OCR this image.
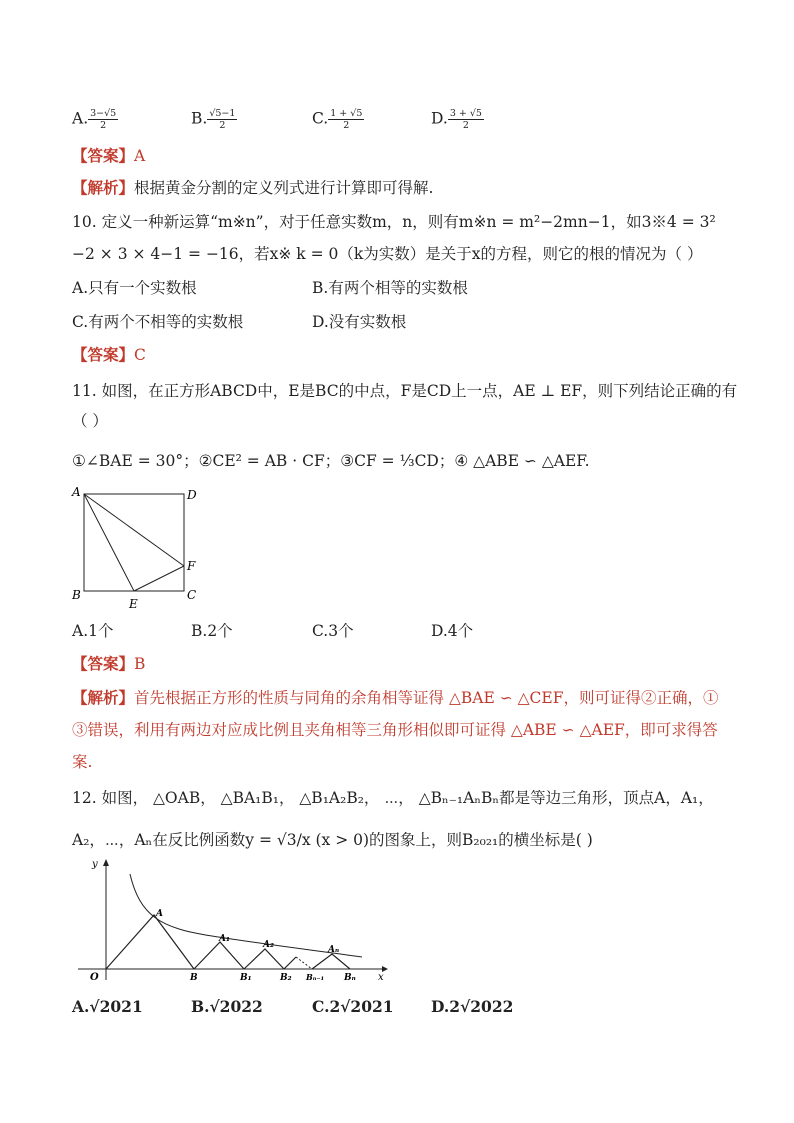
A. $\frac{3-√5}{2}$	B. $\frac{√5-1}{2}$	C. $\frac{1 + √5}{2}$	D. $\frac{3 + √5}{2}$
【答案】A
【解析】根据黄金分割的定义列式进行计算即可得解.
10. 定义一种新运算“m※n”，对于任意实数m，n，则有m※n = m²−2mn−1，如3※4 = 3²
−2 × 3 × 4−1 = −16，若x※ k = 0（k为实数）是关于x的方程，则它的根的情况为（ ）
A.只有一个实数根	B.有两个相等的实数根
C.有两个不相等的实数根	D.没有实数根
【答案】C
11. 如图，在正方形ABCD中，E是BC的中点，F是CD上一点，AE ⊥ EF，则下列结论正确的有
（ ）
①∠BAE = 30°；②CE² = AB · CF；③CF = ⅓CD；④ △ABE ∽ △AEF.
A	D
B	C
E
F
A.1个	B.2个	C.3个	D.4个
【答案】B
【解析】首先根据正方形的性质与同角的余角相等证得 △BAE ∽ △CEF，则可证得②正确，①
③错误，利用有两边对应成比例且夹角相等三角形相似即可证得 △ABE ∽ △AEF，即可求得答
案.
12. 如图， △OAB， △BA₁B₁， △B₁A₂B₂， ⋯， △Bₙ₋₁AₙBₙ都是等边三角形，顶点A，A₁，
A₂，⋯，Aₙ在反比例函数y = √3/x (x > 0)的图象上，则B₂₀₂₁的横坐标是( )
y
x
O
A
A₁
A₂	Aₙ
B	B₁	B₂ Bₙ₋₁ Bₙ
A.√2021	B.√2022	C.2√2021 D.2√2022
